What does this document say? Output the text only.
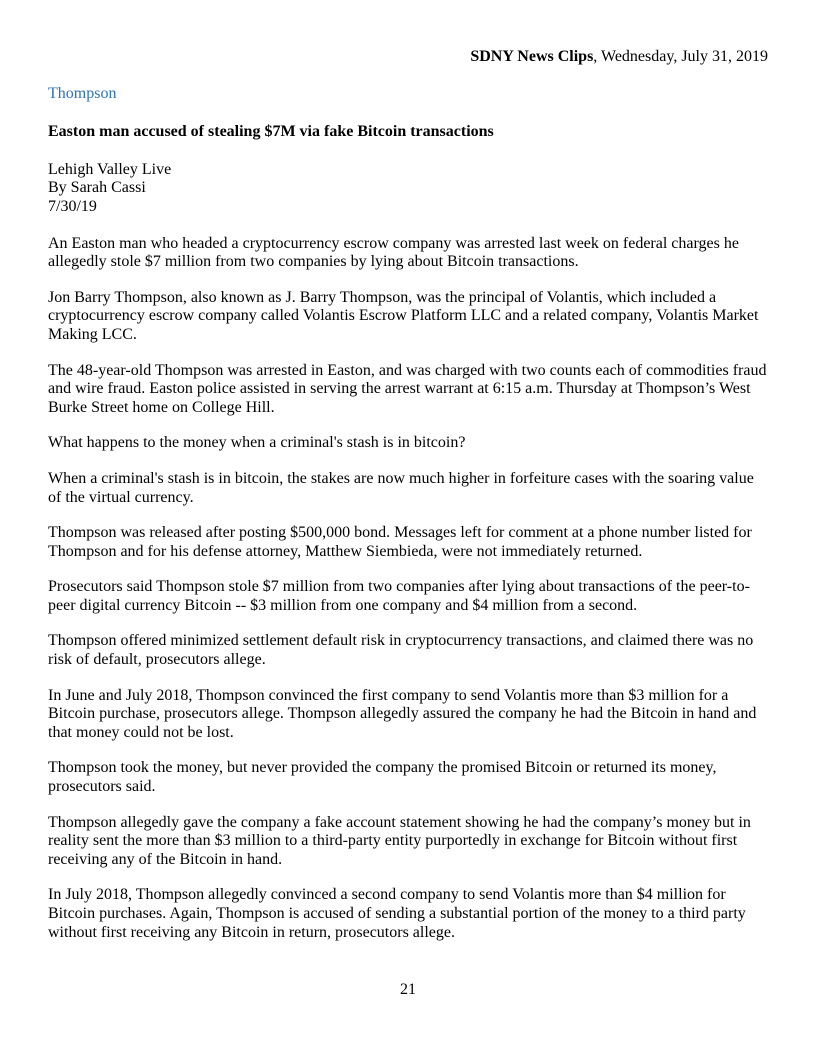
SDNY News Clips, Wednesday, July 31, 2019
Thompson
Easton man accused of stealing $7M via fake Bitcoin transactions
Lehigh Valley Live
By Sarah Cassi
7/30/19

An Easton man who headed a cryptocurrency escrow company was arrested last week on federal charges he allegedly stole $7 million from two companies by lying about Bitcoin transactions.

Jon Barry Thompson, also known as J. Barry Thompson, was the principal of Volantis, which included a cryptocurrency escrow company called Volantis Escrow Platform LLC and a related company, Volantis Market Making LCC.

The 48-year-old Thompson was arrested in Easton, and was charged with two counts each of commodities fraud and wire fraud. Easton police assisted in serving the arrest warrant at 6:15 a.m. Thursday at Thompson’s West Burke Street home on College Hill.

What happens to the money when a criminal's stash is in bitcoin?

When a criminal's stash is in bitcoin, the stakes are now much higher in forfeiture cases with the soaring value of the virtual currency.

Thompson was released after posting $500,000 bond. Messages left for comment at a phone number listed for Thompson and for his defense attorney, Matthew Siembieda, were not immediately returned.

Prosecutors said Thompson stole $7 million from two companies after lying about transactions of the peer-to-peer digital currency Bitcoin -- $3 million from one company and $4 million from a second.

Thompson offered minimized settlement default risk in cryptocurrency transactions, and claimed there was no risk of default, prosecutors allege.

In June and July 2018, Thompson convinced the first company to send Volantis more than $3 million for a Bitcoin purchase, prosecutors allege. Thompson allegedly assured the company he had the Bitcoin in hand and that money could not be lost.

Thompson took the money, but never provided the company the promised Bitcoin or returned its money, prosecutors said.

Thompson allegedly gave the company a fake account statement showing he had the company’s money but in reality sent the more than $3 million to a third-party entity purportedly in exchange for Bitcoin without first receiving any of the Bitcoin in hand.

In July 2018, Thompson allegedly convinced a second company to send Volantis more than $4 million for Bitcoin purchases. Again, Thompson is accused of sending a substantial portion of the money to a third party without first receiving any Bitcoin in return, prosecutors allege.

21
